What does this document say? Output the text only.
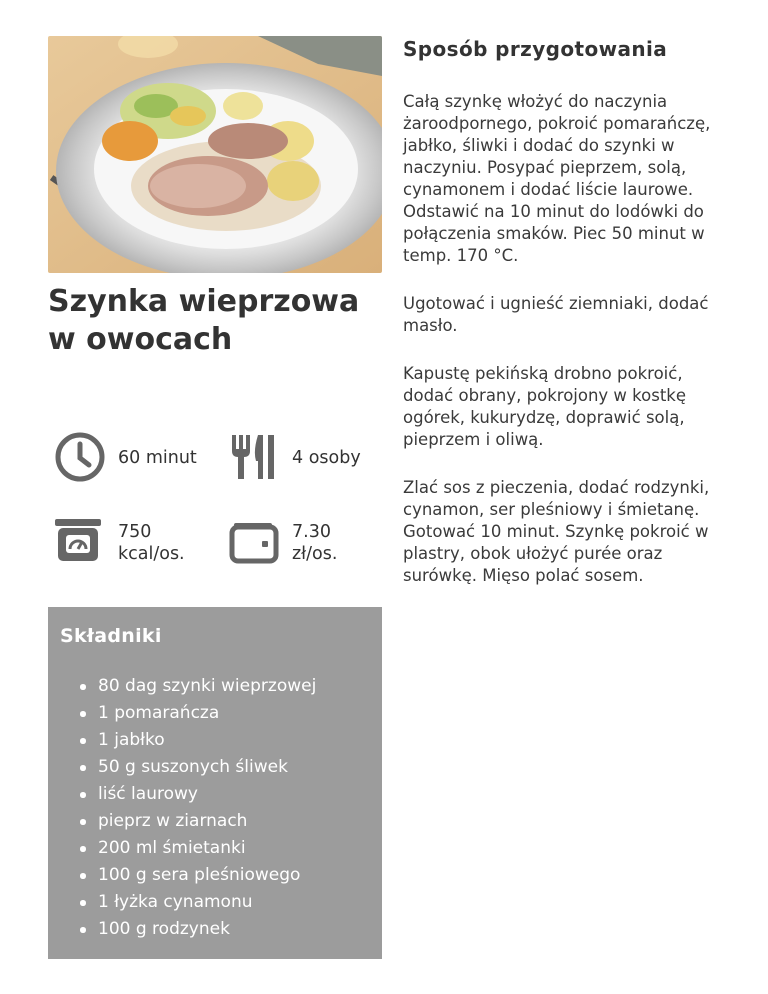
Szynka wieprzowa w owocach
60 minut	4 osoby
750
kcal/os.
7.30
zł/os.
Składniki
80 dag szynki wieprzowej
1 pomarańcza
1 jabłko
50 g suszonych śliwek
liść laurowy
pieprz w ziarnach
200 ml śmietanki
100 g sera pleśniowego
1 łyżka cynamonu
100 g rodzynek
Sposób przygotowania

Całą szynkę włożyć do naczynia żaroodpornego, pokroić pomarańczę, jabłko, śliwki i dodać do szynki w naczyniu. Posypać pieprzem, solą, cynamonem i dodać liście laurowe. Odstawić na 10 minut do lodówki do połączenia smaków. Piec 50 minut w temp. 170 °C.

Ugotować i ugnieść ziemniaki, dodać masło.

Kapustę pekińską drobno pokroić, dodać obrany, pokrojony w kostkę ogórek, kukurydzę, doprawić solą, pieprzem i oliwą.

Zlać sos z pieczenia, dodać rodzynki, cynamon, ser pleśniowy i śmietanę. Gotować 10 minut. Szynkę pokroić w plastry, obok ułożyć purée oraz surówkę. Mięso polać sosem.
